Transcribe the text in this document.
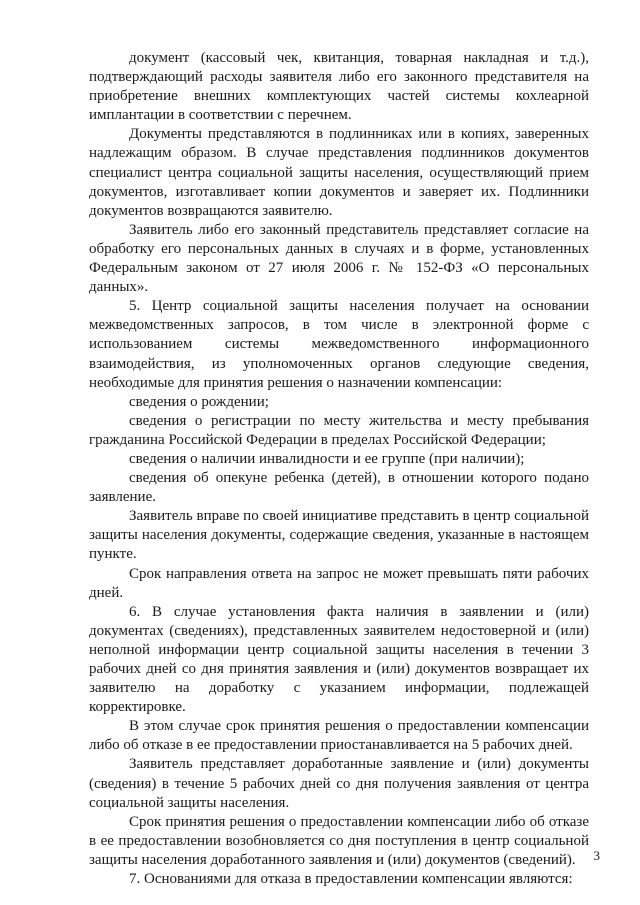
документ (кассовый чек, квитанция, товарная накладная и т.д.), подтверждающий расходы заявителя либо его законного представителя на приобретение внешних комплектующих частей системы кохлеарной имплантации в соответствии с перечнем.

Документы представляются в подлинниках или в копиях, заверенных надлежащим образом. В случае представления подлинников документов специалист центра социальной защиты населения, осуществляющий прием документов, изготавливает копии документов и заверяет их. Подлинники документов возвращаются заявителю.

Заявитель либо его законный представитель представляет согласие на обработку его персональных данных в случаях и в форме, установленных Федеральным законом от 27 июля 2006 г. № 152-ФЗ «О персональных данных».

5. Центр социальной защиты населения получает на основании межведомственных запросов, в том числе в электронной форме с использованием системы межведомственного информационного взаимодействия, из уполномоченных органов следующие сведения, необходимые для принятия решения о назначении компенсации:

сведения о рождении;

сведения о регистрации по месту жительства и месту пребывания гражданина Российской Федерации в пределах Российской Федерации;

сведения о наличии инвалидности и ее группе (при наличии);

сведения об опекуне ребенка (детей), в отношении которого подано заявление.

Заявитель вправе по своей инициативе представить в центр социальной защиты населения документы, содержащие сведения, указанные в настоящем пункте.

Срок направления ответа на запрос не может превышать пяти рабочих дней.

6. В случае установления факта наличия в заявлении и (или) документах (сведениях), представленных заявителем недостоверной и (или) неполной информации центр социальной защиты населения в течении 3 рабочих дней со дня принятия заявления и (или) документов возвращает их заявителю на доработку с указанием информации, подлежащей корректировке.

В этом случае срок принятия решения о предоставлении компенсации либо об отказе в ее предоставлении приостанавливается на 5 рабочих дней.

Заявитель представляет доработанные заявление и (или) документы (сведения) в течение 5 рабочих дней со дня получения заявления от центра социальной защиты населения.

Срок принятия решения о предоставлении компенсации либо об отказе в ее предоставлении возобновляется со дня поступления в центр социальной защиты населения доработанного заявления и (или) документов (сведений).

7. Основаниями для отказа в предоставлении компенсации являются:

3
